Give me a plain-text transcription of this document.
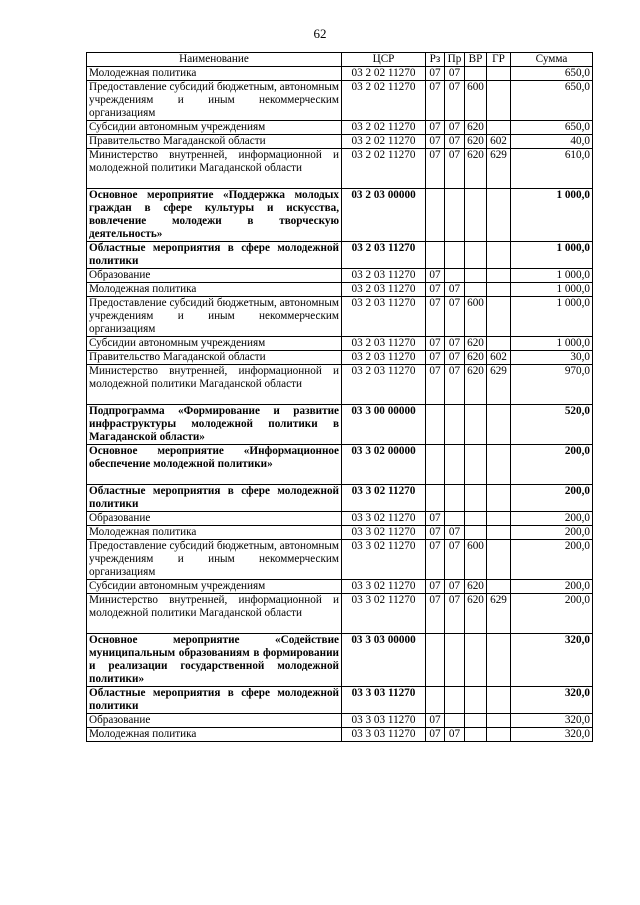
62
Наименование	ЦСР	Рз	Пр	ВР	ГР	Сумма
Молодежная политика	03 2 02 11270	07	07			650,0
Предоставление субсидий бюджетным, автономным учреждениям и иным некоммерческим организациям	03 2 02 11270	07	07	600		650,0
Субсидии автономным учреждениям	03 2 02 11270	07	07	620		650,0
Правительство Магаданской области	03 2 02 11270	07	07	620	602	40,0
Министерство внутренней, информационной и молодежной политики Магаданской области	03 2 02 11270	07	07	620	629	610,0
Основное мероприятие «Поддержка молодых граждан в сфере культуры и искусства, вовлечение молодежи в творческую деятельность»	03 2 03 00000					1 000,0
Областные мероприятия в сфере молодежной политики	03 2 03 11270					1 000,0
Образование	03 2 03 11270	07				1 000,0
Молодежная политика	03 2 03 11270	07	07			1 000,0
Предоставление субсидий бюджетным, автономным учреждениям и иным некоммерческим организациям	03 2 03 11270	07	07	600		1 000,0
Субсидии автономным учреждениям	03 2 03 11270	07	07	620		1 000,0
Правительство Магаданской области	03 2 03 11270	07	07	620	602	30,0
Министерство внутренней, информационной и молодежной политики Магаданской области	03 2 03 11270	07	07	620	629	970,0
Подпрограмма «Формирование и развитие инфраструктуры молодежной политики в Магаданской области»	03 3 00 00000					520,0
Основное мероприятие «Информационное обеспечение молодежной политики»	03 3 02 00000					200,0
Областные мероприятия в сфере молодежной политики	03 3 02 11270					200,0
Образование	03 3 02 11270	07				200,0
Молодежная политика	03 3 02 11270	07	07			200,0
Предоставление субсидий бюджетным, автономным учреждениям и иным некоммерческим организациям	03 3 02 11270	07	07	600		200,0
Субсидии автономным учреждениям	03 3 02 11270	07	07	620		200,0
Министерство внутренней, информационной и молодежной политики Магаданской области	03 3 02 11270	07	07	620	629	200,0
Основное мероприятие «Содействие муниципальным образованиям в формировании и реализации государственной молодежной политики»	03 3 03 00000					320,0
Областные мероприятия в сфере молодежной политики	03 3 03 11270					320,0
Образование	03 3 03 11270	07				320,0
Молодежная политика	03 3 03 11270	07	07			320,0
